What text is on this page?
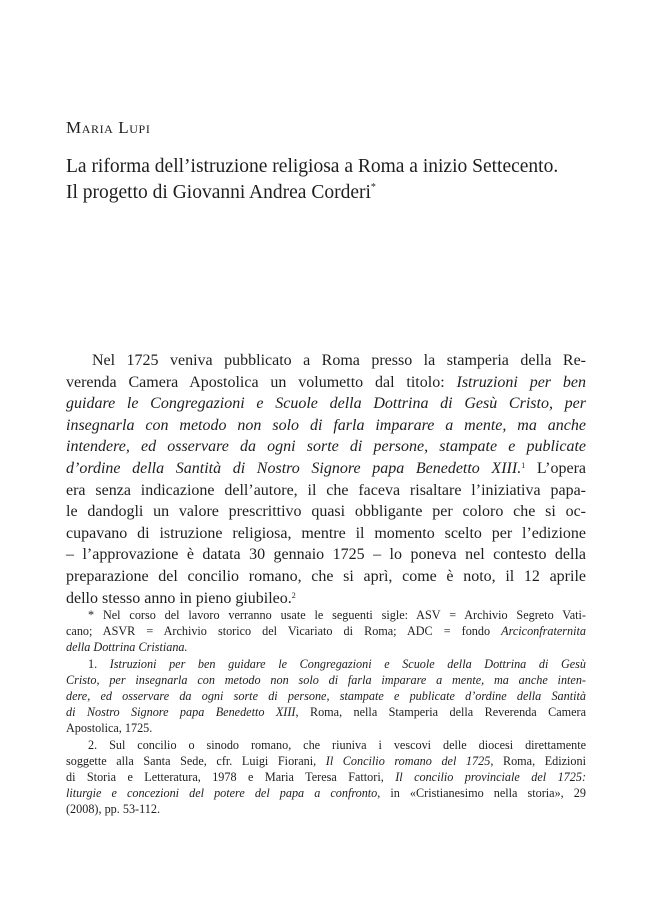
Maria Lupi

La riforma dell’istruzione religiosa a Roma a inizio Settecento.
Il progetto di Giovanni Andrea Corderi*
Nel 1725 veniva pubblicato a Roma presso la stamperia della Re-
verenda Camera Apostolica un volumetto dal titolo: Istruzioni per ben
guidare le Congregazioni e Scuole della Dottrina di Gesù Cristo, per
insegnarla con metodo non solo di farla imparare a mente, ma anche
intendere, ed osservare da ogni sorte di persone, stampate e publicate
d’ordine della Santità di Nostro Signore papa Benedetto XIII.$^1$ L’opera
era senza indicazione dell’autore, il che faceva risaltare l’iniziativa papa-
le dandogli un valore prescrittivo quasi obbligante per coloro che si oc-
cupavano di istruzione religiosa, mentre il momento scelto per l’edizione
– l’approvazione è datata 30 gennaio 1725 – lo poneva nel contesto della
preparazione del concilio romano, che si aprì, come è noto, il 12 aprile
dello stesso anno in pieno giubileo.$^2$
* Nel corso del lavoro verranno usate le seguenti sigle: ASV = Archivio Segreto Vati-
cano; ASVR = Archivio storico del Vicariato di Roma; ADC = fondo Arciconfraternita
della Dottrina Cristiana.
1. Istruzioni per ben guidare le Congregazioni e Scuole della Dottrina di Gesù
Cristo, per insegnarla con metodo non solo di farla imparare a mente, ma anche inten-
dere, ed osservare da ogni sorte di persone, stampate e publicate d’ordine della Santità
di Nostro Signore papa Benedetto XIII, Roma, nella Stamperia della Reverenda Camera
Apostolica, 1725.
2. Sul concilio o sinodo romano, che riuniva i vescovi delle diocesi direttamente
soggette alla Santa Sede, cfr. Luigi Fiorani, Il Concilio romano del 1725, Roma, Edizioni
di Storia e Letteratura, 1978 e Maria Teresa Fattori, Il concilio provinciale del 1725:
liturgie e concezioni del potere del papa a confronto, in «Cristianesimo nella storia», 29
(2008), pp. 53-112.
